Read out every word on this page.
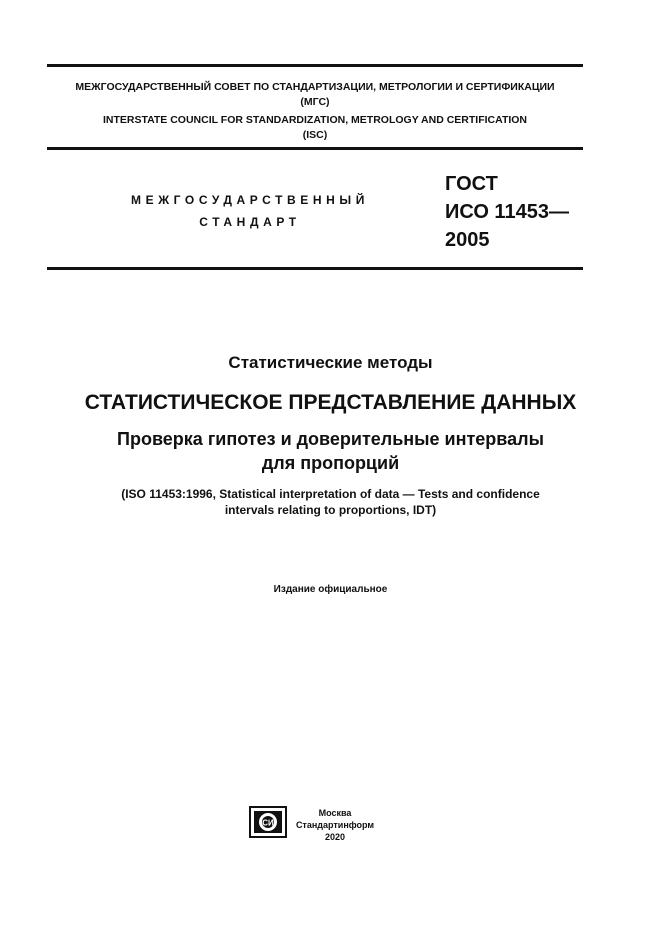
МЕЖГОСУДАРСТВЕННЫЙ СОВЕТ ПО СТАНДАРТИЗАЦИИ, МЕТРОЛОГИИ И СЕРТИФИКАЦИИ
(МГС)
INTERSTATE COUNCIL FOR STANDARDIZATION, METROLOGY AND CERTIFICATION
(ISC)
МЕЖГОСУДАРСТВЕННЫЙ
СТАНДАРТ
ГОСТ
ИСО 11453—
2005
Статистические методы
СТАТИСТИЧЕСКОЕ ПРЕДСТАВЛЕНИЕ ДАННЫХ
Проверка гипотез и доверительные интервалы
для пропорций
(ISO 11453:1996, Statistical interpretation of data — Tests and confidence
intervals relating to proportions, IDT)
Издание официальное
СИ
Москва
Стандартинформ
2020
